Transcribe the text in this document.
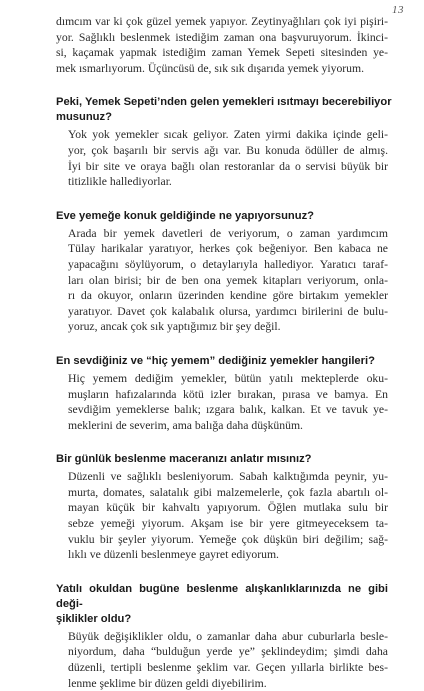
13

dımcım var ki çok güzel yemek yapıyor. Zeytinyağlıları çok iyi pişiri-
yor. Sağlıklı beslenmek istediğim zaman ona başvuruyorum. İkinci-
si, kaçamak yapmak istediğim zaman Yemek Sepeti sitesinden ye-
mek ısmarlıyorum. Üçüncüsü de, sık sık dışarıda yemek yiyorum.

Peki, Yemek Sepeti’nden gelen yemekleri ısıtmayı becerebiliyor
musunuz?

Yok yok yemekler sıcak geliyor. Zaten yirmi dakika içinde geli-
yor, çok başarılı bir servis ağı var. Bu konuda ödüller de almış.
İyi bir site ve oraya bağlı olan restoranlar da o servisi büyük bir
titizlikle hallediyorlar.

Eve yemeğe konuk geldiğinde ne yapıyorsunuz?

Arada bir yemek davetleri de veriyorum, o zaman yardımcım
Tülay harikalar yaratıyor, herkes çok beğeniyor. Ben kabaca ne
yapacağını söylüyorum, o detaylarıyla hallediyor. Yaratıcı taraf-
ları olan birisi; bir de ben ona yemek kitapları veriyorum, onla-
rı da okuyor, onların üzerinden kendine göre birtakım yemekler
yaratıyor. Davet çok kalabalık olursa, yardımcı birilerini de bulu-
yoruz, ancak çok sık yaptığımız bir şey değil.

En sevdiğiniz ve “hiç yemem” dediğiniz yemekler hangileri?

Hiç yemem dediğim yemekler, bütün yatılı mekteplerde oku-
muşların hafızalarında kötü izler bırakan, pırasa ve bamya. En
sevdiğim yemeklerse balık; ızgara balık, kalkan. Et ve tavuk ye-
meklerini de severim, ama balığa daha düşkünüm.

Bir günlük beslenme maceranızı anlatır mısınız?

Düzenli ve sağlıklı besleniyorum. Sabah kalktığımda peynir, yu-
murta, domates, salatalık gibi malzemelerle, çok fazla abartılı ol-
mayan küçük bir kahvaltı yapıyorum. Öğlen mutlaka sulu bir
sebze yemeği yiyorum. Akşam ise bir yere gitmeyeceksem ta-
vuklu bir şeyler yiyorum. Yemeğe çok düşkün biri değilim; sağ-
lıklı ve düzenli beslenmeye gayret ediyorum.

Yatılı okuldan bugüne beslenme alışkanlıklarınızda ne gibi deği-
şiklikler oldu?

Büyük değişiklikler oldu, o zamanlar daha abur cuburlarla besle-
niyordum, daha “bulduğun yerde ye” şeklindeydim; şimdi daha
düzenli, tertipli beslenme şeklim var. Geçen yıllarla birlikte bes-
lenme şeklime bir düzen geldi diyebilirim.
